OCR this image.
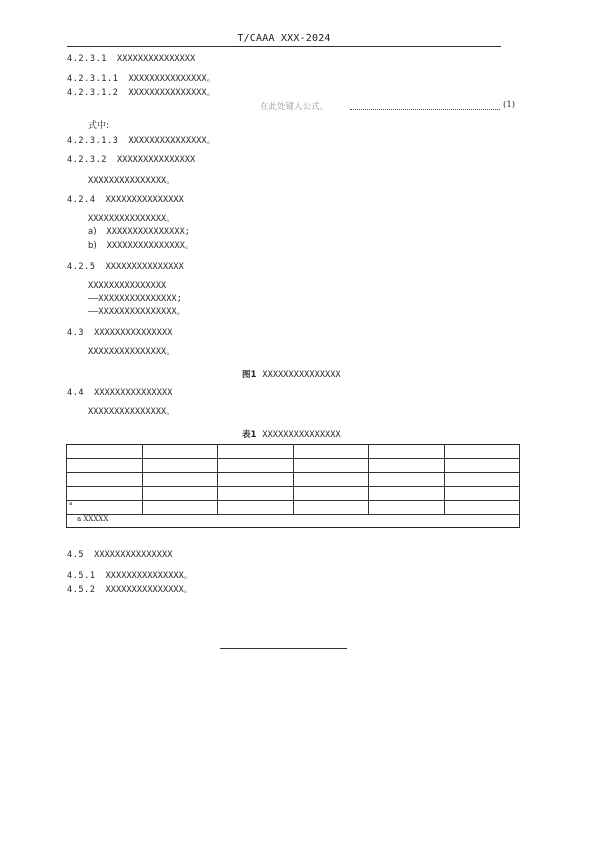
T/CAAA XXX-2024
4.2.3.1 XXXXXXXXXXXXXXX
4.2.3.1.1 XXXXXXXXXXXXXXX。
4.2.3.1.2 XXXXXXXXXXXXXXX。
在此处键入公式。	(1)
式中:
4.2.3.1.3 XXXXXXXXXXXXXXX。
4.2.3.2 XXXXXXXXXXXXXXX
XXXXXXXXXXXXXXX。
4.2.4 XXXXXXXXXXXXXXX
XXXXXXXXXXXXXXX。
a) XXXXXXXXXXXXXXX;
b) XXXXXXXXXXXXXXX。
4.2.5 XXXXXXXXXXXXXXX
XXXXXXXXXXXXXXX
——XXXXXXXXXXXXXXX;
——XXXXXXXXXXXXXXX。
4.3 XXXXXXXXXXXXXXX
XXXXXXXXXXXXXXX。
图1 XXXXXXXXXXXXXXX
4.4 XXXXXXXXXXXXXXX
XXXXXXXXXXXXXXX。
表1 XXXXXXXXXXXXXXX

$^a$					
a XXXXX					
4.5 XXXXXXXXXXXXXXX
4.5.1 XXXXXXXXXXXXXXX。
4.5.2 XXXXXXXXXXXXXXX。
